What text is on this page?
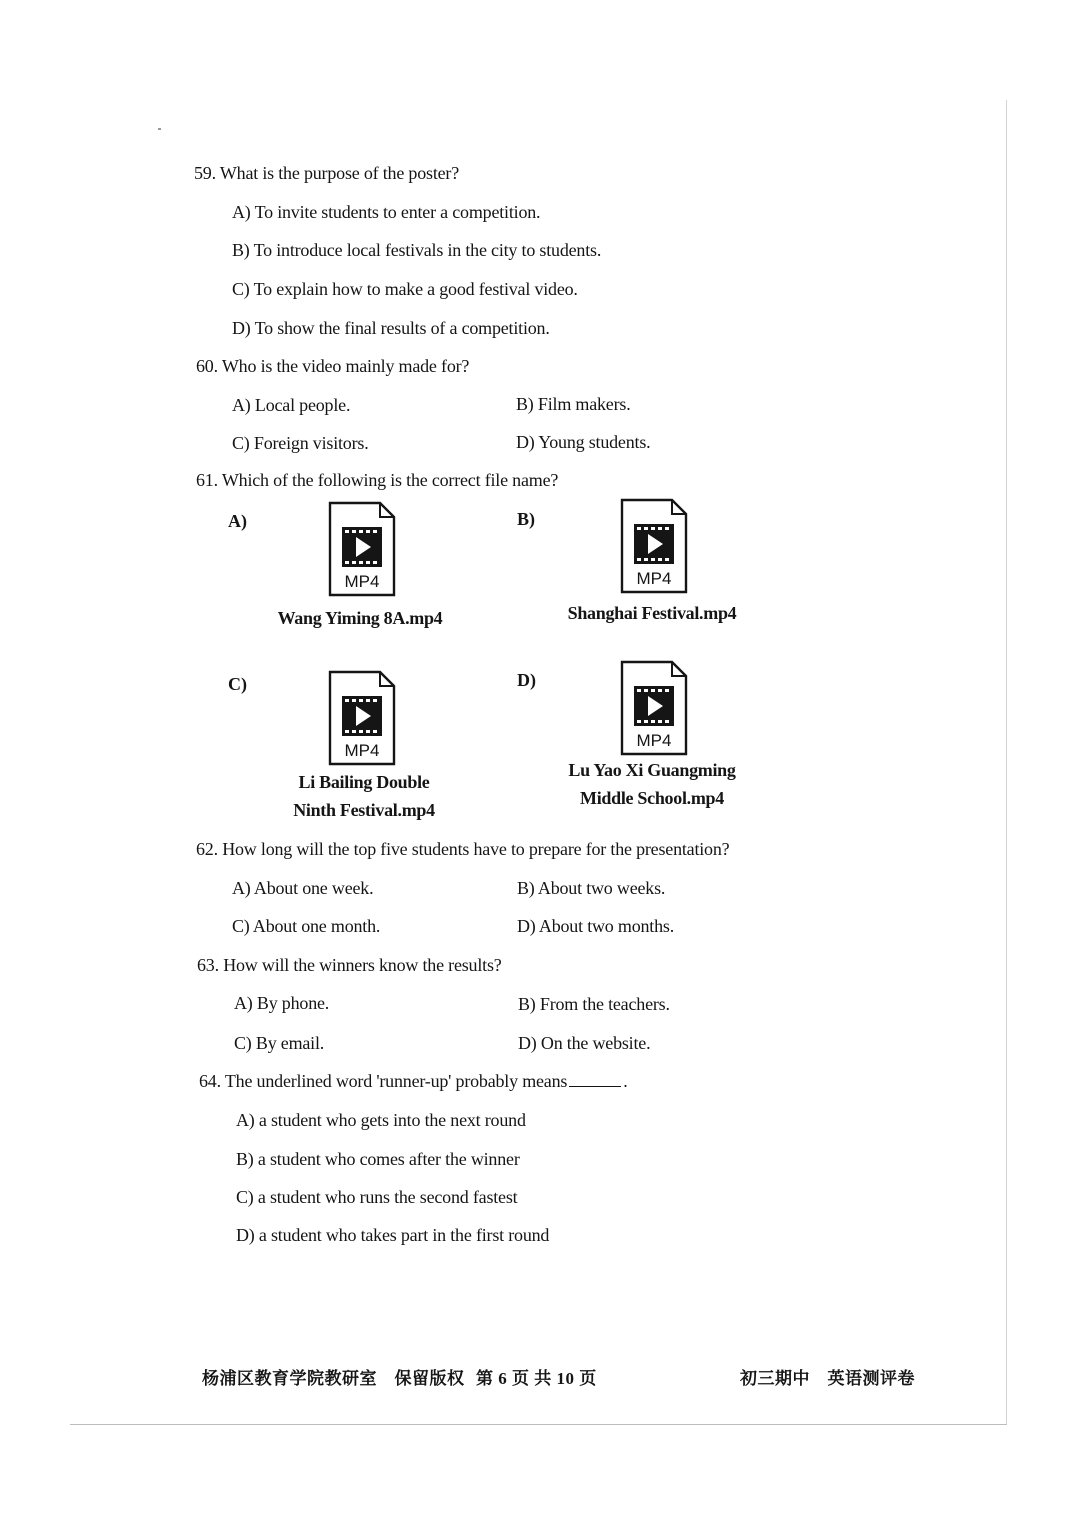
59. What is the purpose of the poster?
A) To invite students to enter a competition.
B) To introduce local festivals in the city to students.
C) To explain how to make a good festival video.
D) To show the final results of a competition.
60. Who is the video mainly made for?
A) Local people.	B) Film makers.
C) Foreign visitors.	D) Young students.
61. Which of the following is the correct file name?
A)
MP4
Wang Yiming 8A.mp4
B)
MP4
Shanghai Festival.mp4
C)
MP4
Li Bailing Double
Ninth Festival.mp4
D)
MP4
Lu Yao Xi Guangming
Middle School.mp4
62. How long will the top five students have to prepare for the presentation?
A) About one week.	B) About two weeks.
C) About one month.	D) About two months.
63. How will the winners know the results?
A) By phone.	B) From the teachers.
C) By email.	D) On the website.
64. The underlined word 'runner-up' probably means	.
A) a student who gets into the next round
B) a student who comes after the winner
C) a student who runs the second fastest
D) a student who takes part in the first round
杨浦区教育学院教研室　保留版权 第 6 页 共 10 页	初三期中　英语测评卷
